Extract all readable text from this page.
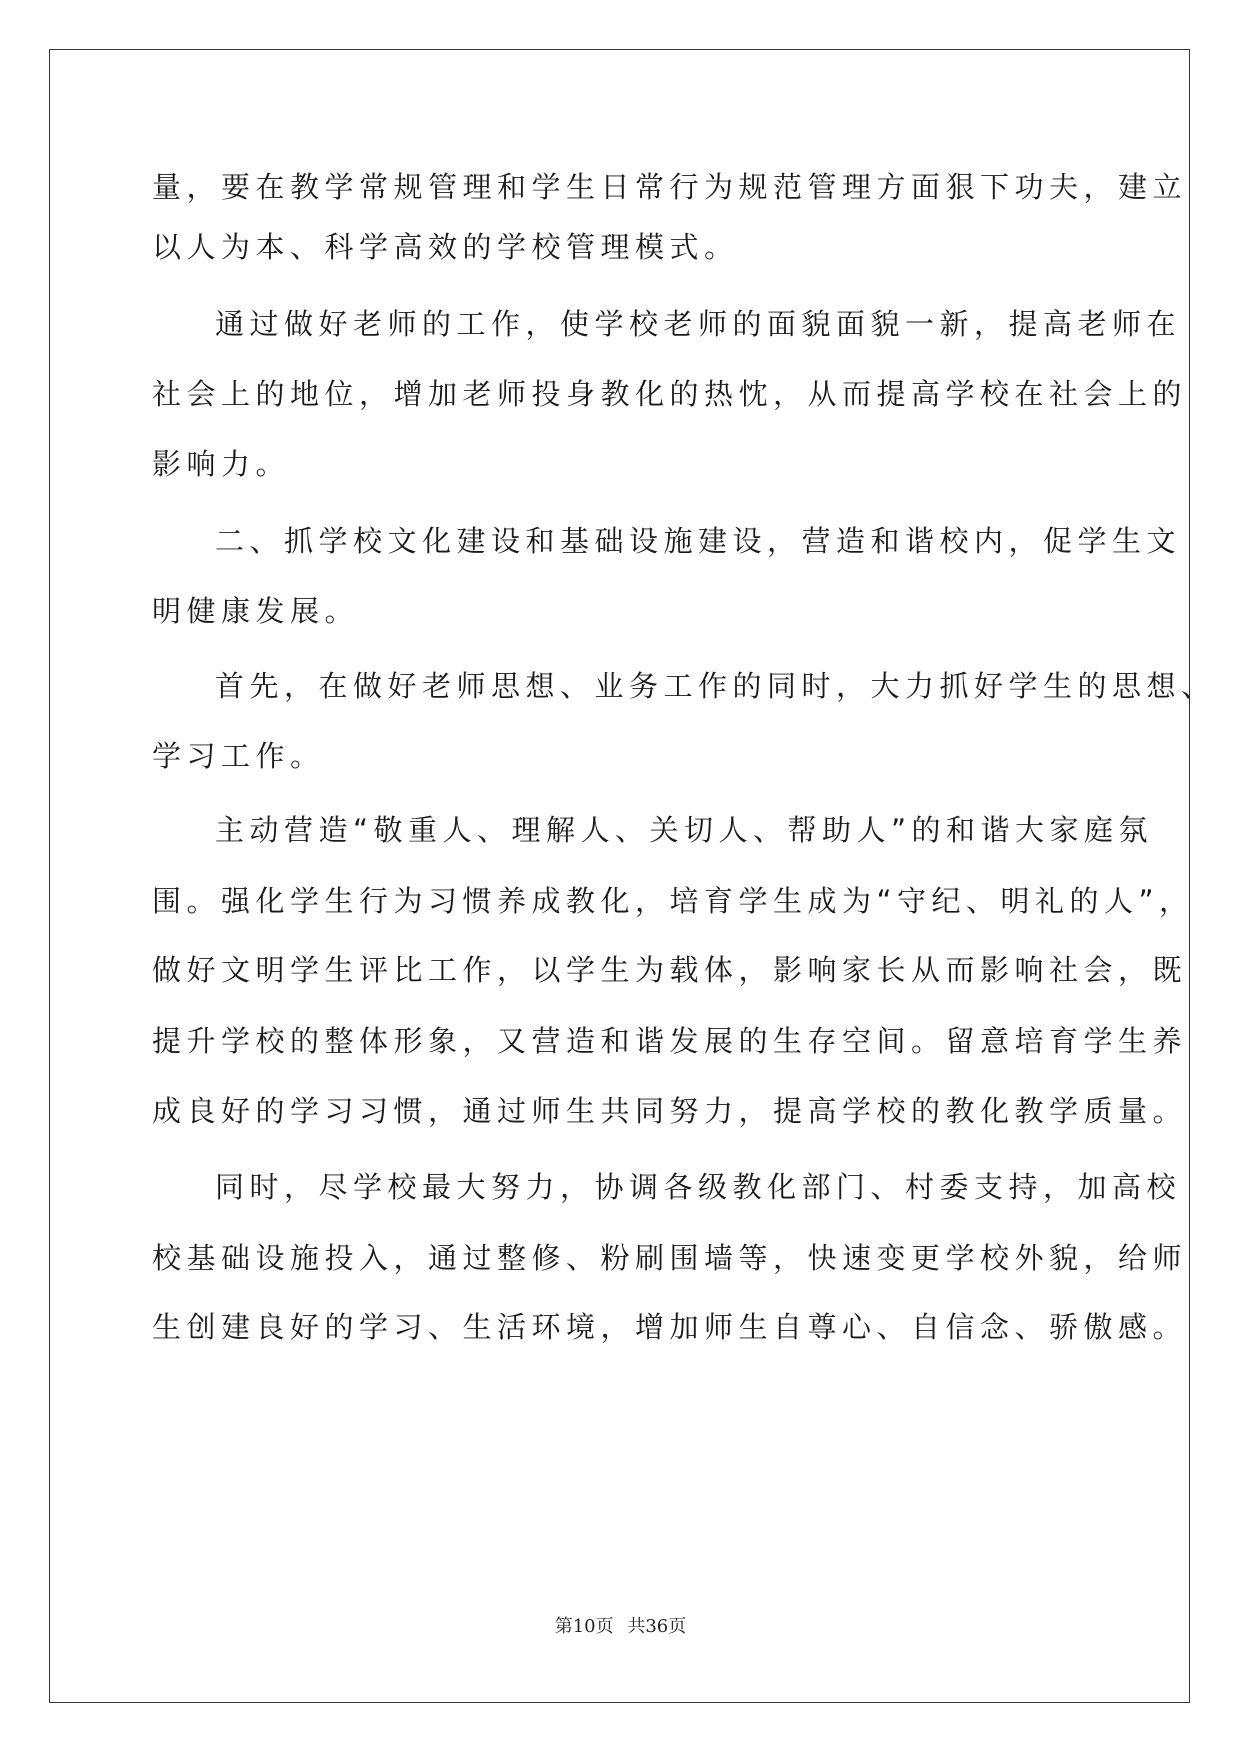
量，要在教学常规管理和学生日常行为规范管理方面狠下功夫，建立
以人为本、科学高效的学校管理模式。
通过做好老师的工作，使学校老师的面貌面貌一新，提高老师在
社会上的地位，增加老师投身教化的热忱，从而提高学校在社会上的
影响力。
二、抓学校文化建设和基础设施建设，营造和谐校内，促学生文
明健康发展。
首先，在做好老师思想、业务工作的同时，大力抓好学生的思想、
学习工作。
主动营造“敬重人、理解人、关切人、帮助人”的和谐大家庭氛
围。强化学生行为习惯养成教化，培育学生成为“守纪、明礼的人”，
做好文明学生评比工作，以学生为载体，影响家长从而影响社会，既
提升学校的整体形象，又营造和谐发展的生存空间。留意培育学生养
成良好的学习习惯，通过师生共同努力，提高学校的教化教学质量。
同时，尽学校最大努力，协调各级教化部门、村委支持，加高校
校基础设施投入，通过整修、粉刷围墙等，快速变更学校外貌，给师
生创建良好的学习、生活环境，增加师生自尊心、自信念、骄傲感。
第10页 共36页
